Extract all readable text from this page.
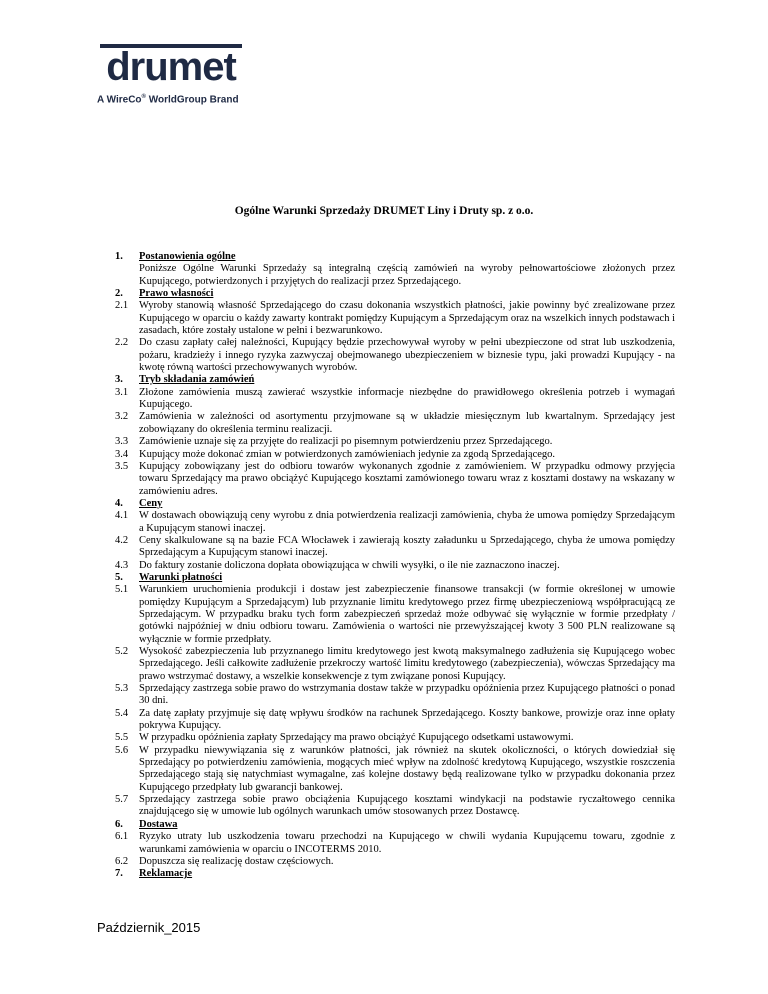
drumet
A WireCo® WorldGroup Brand
Ogólne Warunki Sprzedaży DRUMET Liny i Druty sp. z o.o.
1.	Postanowienia ogólne
Poniższe Ogólne Warunki Sprzedaży są integralną częścią zamówień na wyroby pełnowartościowe złożonych przez Kupującego, potwierdzonych i przyjętych do realizacji przez Sprzedającego.
2.	Prawo własności
2.1	Wyroby stanowią własność Sprzedającego do czasu dokonania wszystkich płatności, jakie powinny być zrealizowane przez Kupującego w oparciu o każdy zawarty kontrakt pomiędzy Kupującym a Sprzedającym oraz na wszelkich innych podstawach i zasadach, które zostały ustalone w pełni i bezwarunkowo.
2.2	Do czasu zapłaty całej należności, Kupujący będzie przechowywał wyroby w pełni ubezpieczone od strat lub uszkodzenia, pożaru, kradzieży i innego ryzyka zazwyczaj obejmowanego ubezpieczeniem w biznesie typu, jaki prowadzi Kupujący - na kwotę równą wartości przechowywanych wyrobów.
3.	Tryb składania zamówień
3.1	Złożone zamówienia muszą zawierać wszystkie informacje niezbędne do prawidłowego określenia potrzeb i wymagań Kupującego.
3.2	Zamówienia w zależności od asortymentu przyjmowane są w układzie miesięcznym lub kwartalnym. Sprzedający jest zobowiązany do określenia terminu realizacji.
3.3	Zamówienie uznaje się za przyjęte do realizacji po pisemnym potwierdzeniu przez Sprzedającego.
3.4	Kupujący może dokonać zmian w potwierdzonych zamówieniach jedynie za zgodą Sprzedającego.
3.5	Kupujący zobowiązany jest do odbioru towarów wykonanych zgodnie z zamówieniem. W przypadku odmowy przyjęcia towaru Sprzedający ma prawo obciążyć Kupującego kosztami zamówionego towaru wraz z kosztami dostawy na wskazany w zamówieniu adres.
4.	Ceny
4.1	W dostawach obowiązują ceny wyrobu z dnia potwierdzenia realizacji zamówienia, chyba że umowa pomiędzy Sprzedającym a Kupującym stanowi inaczej.
4.2	Ceny skalkulowane są na bazie FCA Włocławek i zawierają koszty załadunku u Sprzedającego, chyba że umowa pomiędzy Sprzedającym a Kupującym stanowi inaczej.
4.3	Do faktury zostanie doliczona dopłata obowiązująca w chwili wysyłki, o ile nie zaznaczono inaczej.
5.	Warunki płatności
5.1	Warunkiem uruchomienia produkcji i dostaw jest zabezpieczenie finansowe transakcji (w formie określonej w umowie pomiędzy Kupującym a Sprzedającym) lub przyznanie limitu kredytowego przez firmę ubezpieczeniową współpracującą ze Sprzedającym. W przypadku braku tych form zabezpieczeń sprzedaż może odbywać się wyłącznie w formie przedpłaty / gotówki najpóźniej w dniu odbioru towaru. Zamówienia o wartości nie przewyższającej kwoty 3 500 PLN realizowane są wyłącznie w formie przedpłaty.
5.2	Wysokość zabezpieczenia lub przyznanego limitu kredytowego jest kwotą maksymalnego zadłużenia się Kupującego wobec Sprzedającego. Jeśli całkowite zadłużenie przekroczy wartość limitu kredytowego (zabezpieczenia), wówczas Sprzedający ma prawo wstrzymać dostawy, a wszelkie konsekwencje z tym związane ponosi Kupujący.
5.3	Sprzedający zastrzega sobie prawo do wstrzymania dostaw także w przypadku opóźnienia przez Kupującego płatności o ponad 30 dni.
5.4	Za datę zapłaty przyjmuje się datę wpływu środków na rachunek Sprzedającego. Koszty bankowe, prowizje oraz inne opłaty pokrywa Kupujący.
5.5	W przypadku opóźnienia zapłaty Sprzedający ma prawo obciążyć Kupującego odsetkami ustawowymi.
5.6	W przypadku niewywiązania się z warunków płatności, jak również na skutek okoliczności, o których dowiedział się Sprzedający po potwierdzeniu zamówienia, mogących mieć wpływ na zdolność kredytową Kupującego, wszystkie roszczenia Sprzedającego stają się natychmiast wymagalne, zaś kolejne dostawy będą realizowane tylko w przypadku dokonania przez Kupującego przedpłaty lub gwarancji bankowej.
5.7	Sprzedający zastrzega sobie prawo obciążenia Kupującego kosztami windykacji na podstawie ryczałtowego cennika znajdującego się w umowie lub ogólnych warunkach umów stosowanych przez Dostawcę.
6.	Dostawa
6.1	Ryzyko utraty lub uszkodzenia towaru przechodzi na Kupującego w chwili wydania Kupującemu towaru, zgodnie z warunkami zamówienia w oparciu o INCOTERMS 2010.
6.2	Dopuszcza się realizację dostaw częściowych.
7.	Reklamacje
Październik_2015
